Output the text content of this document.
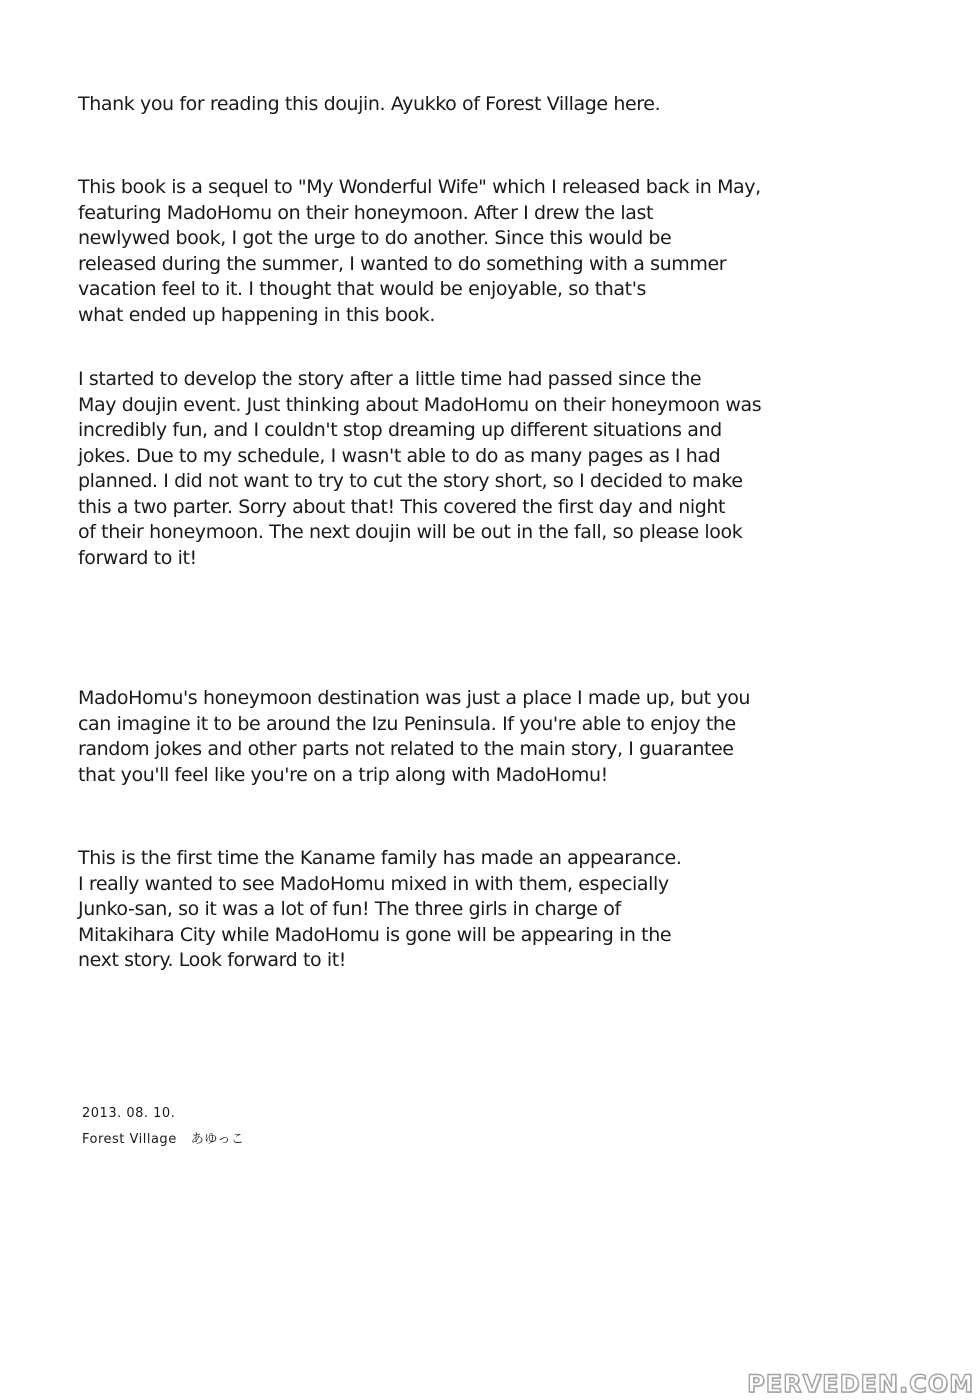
Thank you for reading this doujin. Ayukko of Forest Village here.
This book is a sequel to "My Wonderful Wife" which I released back in May,
featuring MadoHomu on their honeymoon. After I drew the last
newlywed book, I got the urge to do another. Since this would be
released during the summer, I wanted to do something with a summer
vacation feel to it. I thought that would be enjoyable, so that's
what ended up happening in this book.
I started to develop the story after a little time had passed since the
May doujin event. Just thinking about MadoHomu on their honeymoon was
incredibly fun, and I couldn't stop dreaming up different situations and
jokes. Due to my schedule, I wasn't able to do as many pages as I had
planned. I did not want to try to cut the story short, so I decided to make
this a two parter. Sorry about that! This covered the first day and night
of their honeymoon. The next doujin will be out in the fall, so please look
forward to it!
MadoHomu's honeymoon destination was just a place I made up, but you
can imagine it to be around the Izu Peninsula. If you're able to enjoy the
random jokes and other parts not related to the main story, I guarantee
that you'll feel like you're on a trip along with MadoHomu!
This is the first time the Kaname family has made an appearance.
I really wanted to see MadoHomu mixed in with them, especially
Junko-san, so it was a lot of fun! The three girls in charge of
Mitakihara City while MadoHomu is gone will be appearing in the
next story. Look forward to it!
2013. 08. 10.
Forest Village あゆっこ
PERVEDEN.COM
